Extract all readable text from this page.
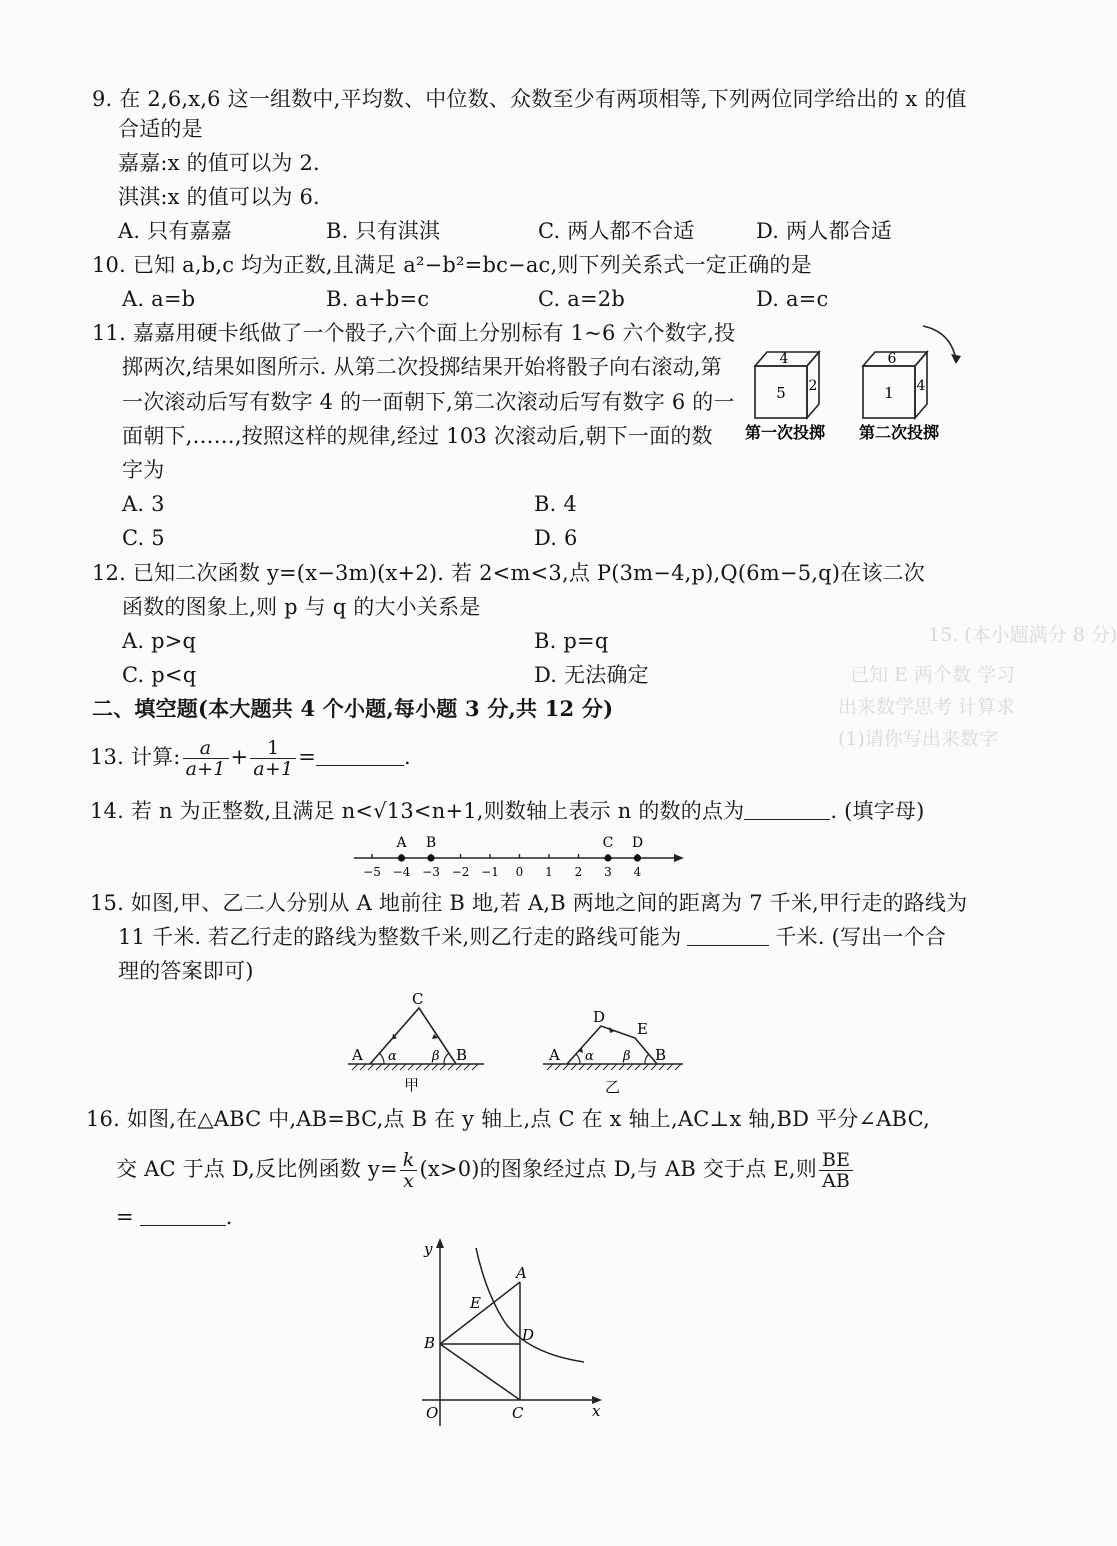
15. (本小题满分 8 分)
已知 E 两个数 学习
出来数学思考 计算求
(1)请你写出来数字
9. 在 2,6,x,6 这一组数中,平均数、中位数、众数至少有两项相等,下列两位同学给出的 x 的值
合适的是
嘉嘉:x 的值可以为 2.
淇淇:x 的值可以为 6.
A. 只有嘉嘉	B. 只有淇淇	C. 两人都不合适	D. 两人都合适
10. 已知 a,b,c 均为正数,且满足 a²−b²=bc−ac,则下列关系式一定正确的是
A. a=b	B. a+b=c	C. a=2b	D. a=c
11. 嘉嘉用硬卡纸做了一个骰子,六个面上分别标有 1~6 六个数字,投
掷两次,结果如图所示. 从第二次投掷结果开始将骰子向右滚动,第
一次滚动后写有数字 4 的一面朝下,第二次滚动后写有数字 6 的一
面朝下,……,按照这样的规律,经过 103 次滚动后,朝下一面的数
字为
A. 3	B. 4
C. 5	D. 6
4
5 2
第一次投掷
6
1 4
第二次投掷
12. 已知二次函数 y=(x−3m)(x+2). 若 2<m<3,点 P(3m−4,p),Q(6m−5,q)在该二次
函数的图象上,则 p 与 q 的大小关系是
A. p>q	B. p=q
C. p<q	D. 无法确定
二、填空题(本大题共 4 个小题,每小题 3 分,共 12 分)
13. 计算: $\frac{a}{a+1} + \frac{1}{a+1}$ =	.
14. 若 n 为正整数,且满足 n<√13<n+1,则数轴上表示 n 的数的点为	. (填字母)
−5 −4 −3 −2 −1 0 1 2 3 4
A B	C D
15. 如图,甲、乙二人分别从 A 地前往 B 地,若 A,B 两地之间的距离为 7 千米,甲行走的路线为
11 千米. 若乙行走的路线为整数千米,则乙行走的路线可能为	千米. (写出一个合
理的答案即可)
C
A	B
α	β
甲
D
E
A	B
α β
乙
16. 如图,在△ABC 中,AB=BC,点 B 在 y 轴上,点 C 在 x 轴上,AC⊥x 轴,BD 平分∠ABC,
交 AC 于点 D,反比例函数 $y= \frac{k}{x} (x>0)$的图象经过点 D,与 AB 交于点 E,则 $\frac{BE}{AB}$
=	.
y
x
O
A
B
C
D
E
